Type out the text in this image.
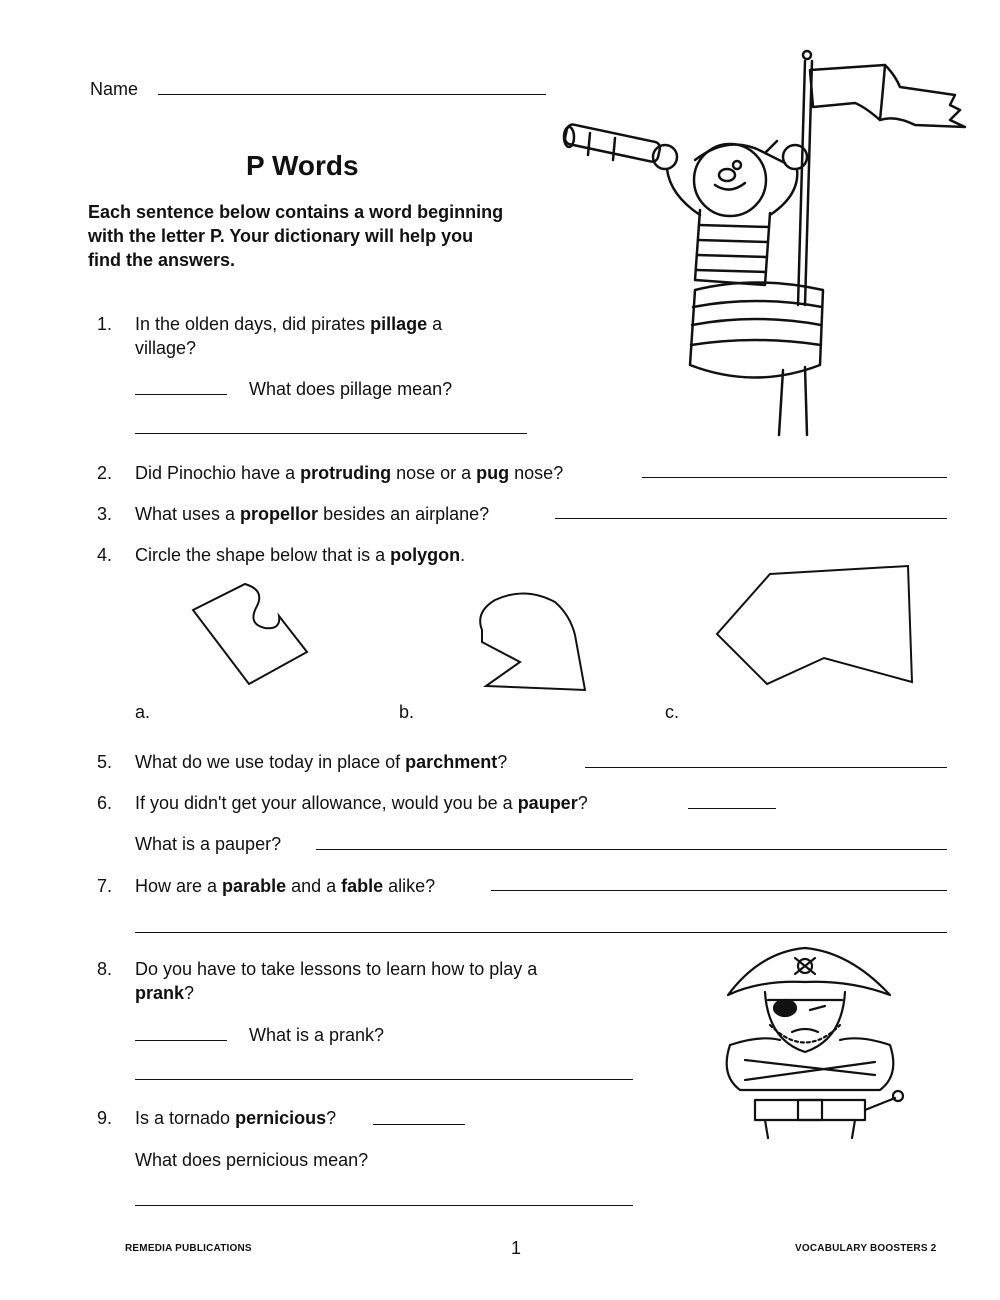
Name
P Words
Each sentence below contains a word beginning
with the letter P. Your dictionary will help you
find the answers.
1. In the olden days, did pirates pillage a
village?
What does pillage mean?
2. Did Pinochio have a protruding nose or a pug nose?
3. What uses a propellor besides an airplane?
4. Circle the shape below that is a polygon.
a.	b.	c.
5. What do we use today in place of parchment?
6. If you didn't get your allowance, would you be a pauper?
What is a pauper?
7. How are a parable and a fable alike?
8. Do you have to take lessons to learn how to play a
prank?
What is a prank?
9. Is a tornado pernicious?
What does pernicious mean?
REMEDIA PUBLICATIONS	1	VOCABULARY BOOSTERS 2
